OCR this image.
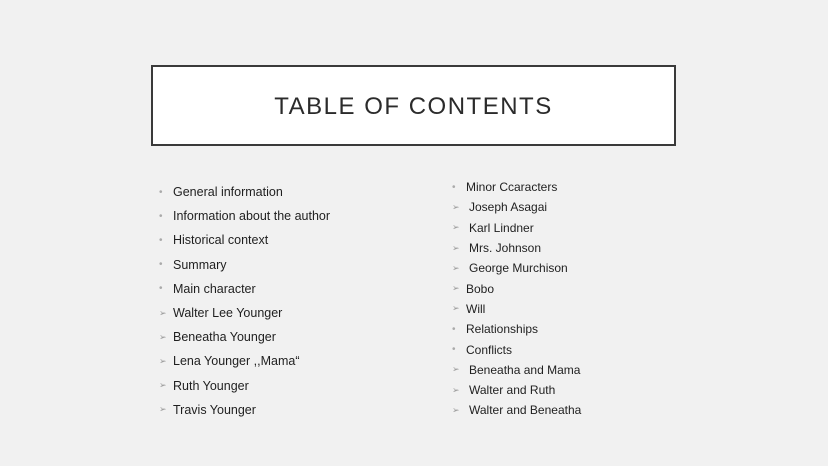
TABLE OF CONTENTS
• General information
• Information about the author
• Historical context
• Summary
• Main character
➢ Walter Lee Younger
➢ Beneatha Younger
➢ Lena Younger ,,Mama“
➢ Ruth Younger
➢ Travis Younger
• Minor Ccaracters
➢ Joseph Asagai
➢ Karl Lindner
➢ Mrs. Johnson
➢ George Murchison
➢ Bobo
➢ Will
• Relationships
• Conflicts
➢ Beneatha and Mama
➢ Walter and Ruth
➢ Walter and Beneatha
